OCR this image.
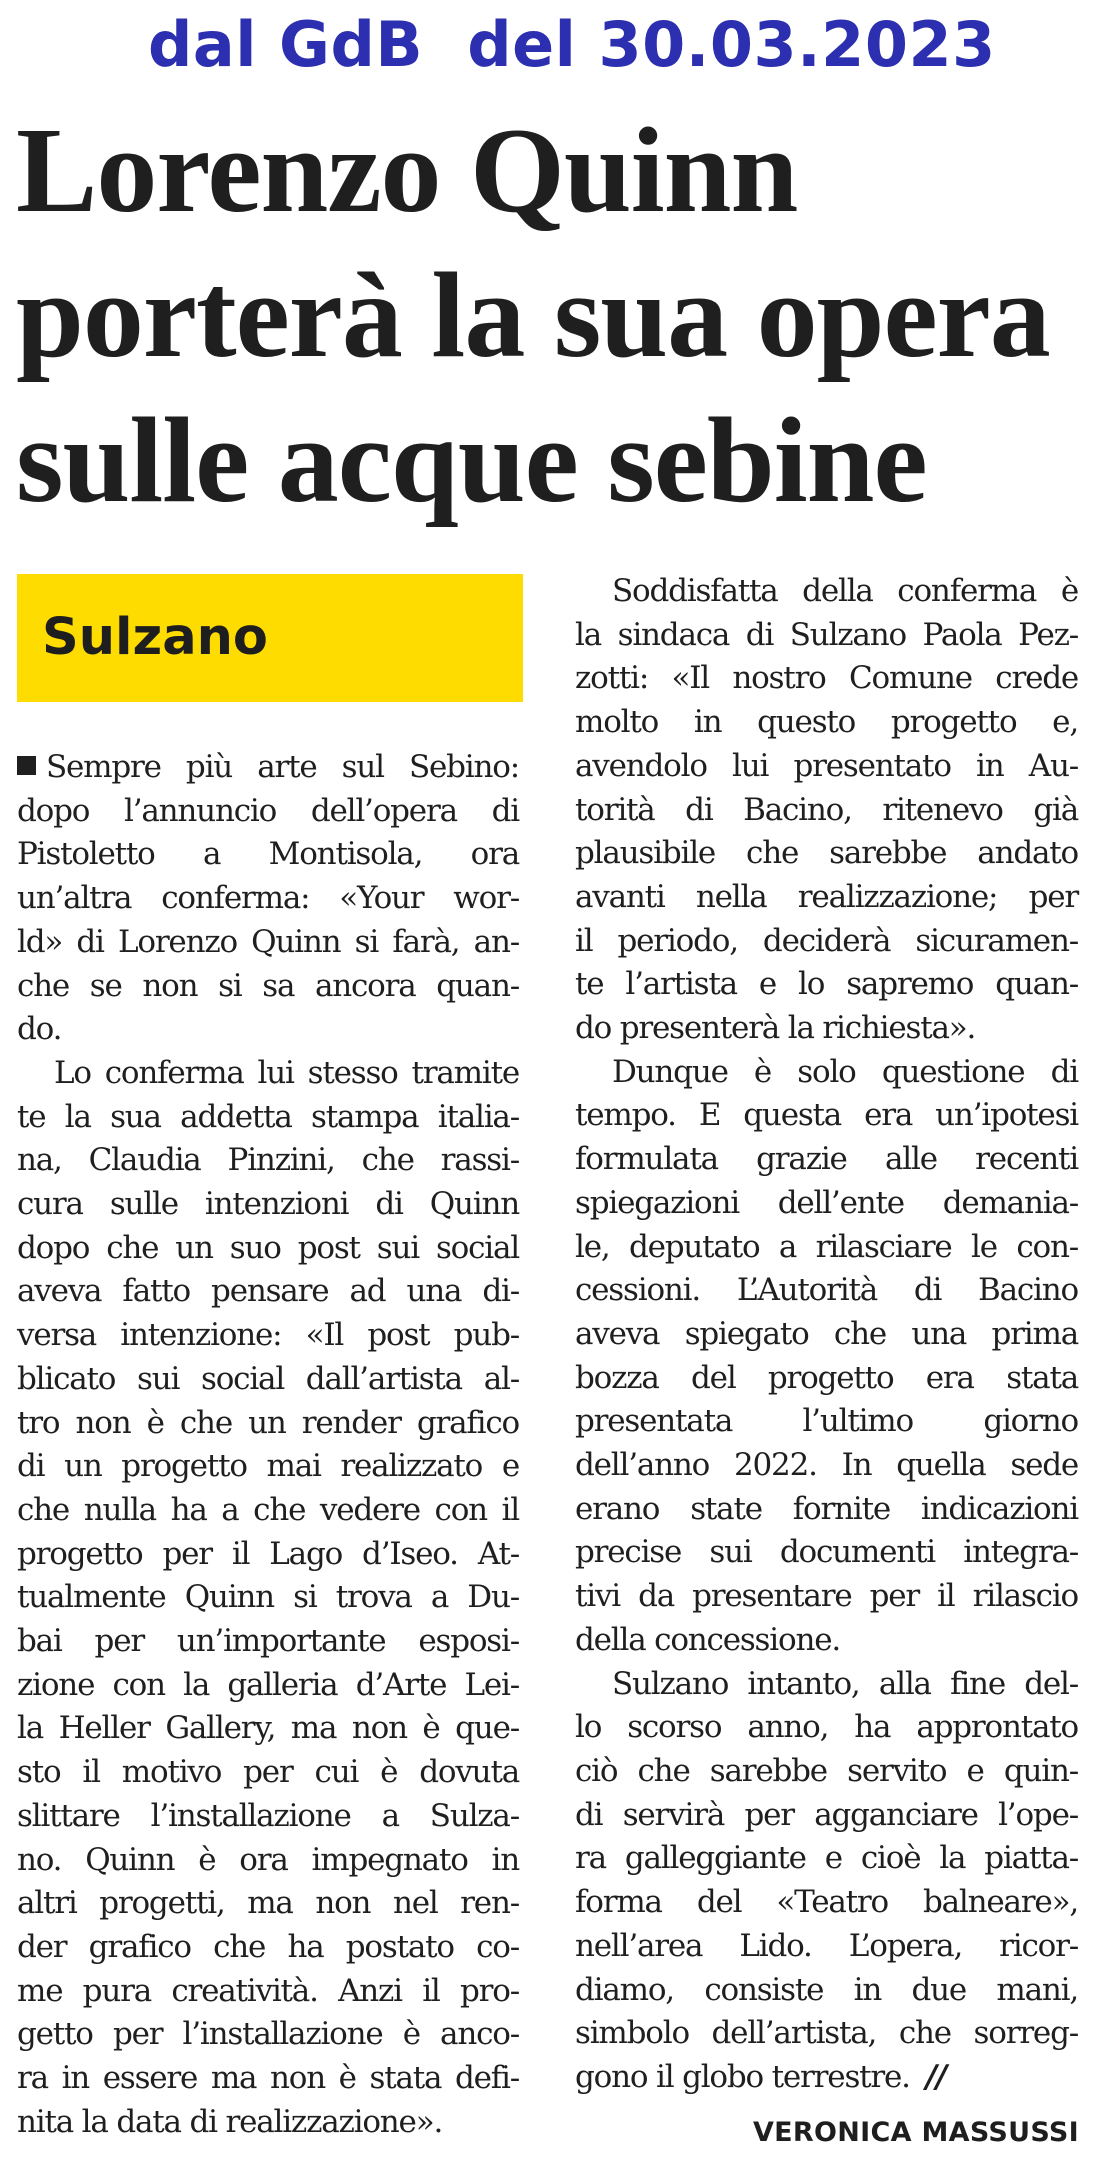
dal GdB  del 30.03.2023
Lorenzo Quinn
porterà la sua opera
sulle acque sebine
Sulzano
Sempre più arte sul Sebino:
dopo l’annuncio dell’opera di
Pistoletto a Montisola, ora
un’altra conferma: «Your wor-
ld» di Lorenzo Quinn si farà, an-
che se non si sa ancora quan-
do.
Lo conferma lui stesso tramite
te la sua addetta stampa italia-
na, Claudia Pinzini, che rassi-
cura sulle intenzioni di Quinn
dopo che un suo post sui social
aveva fatto pensare ad una di-
versa intenzione: «Il post pub-
blicato sui social dall’artista al-
tro non è che un render grafico
di un progetto mai realizzato e
che nulla ha a che vedere con il
progetto per il Lago d’Iseo. At-
tualmente Quinn si trova a Du-
bai per un’importante esposi-
zione con la galleria d’Arte Lei-
la Heller Gallery, ma non è que-
sto il motivo per cui è dovuta
slittare l’installazione a Sulza-
no. Quinn è ora impegnato in
altri progetti, ma non nel ren-
der grafico che ha postato co-
me pura creatività. Anzi il pro-
getto per l’installazione è anco-
ra in essere ma non è stata defi-
nita la data di realizzazione».
Soddisfatta della conferma è
la sindaca di Sulzano Paola Pez-
zotti: «Il nostro Comune crede
molto in questo progetto e,
avendolo lui presentato in Au-
torità di Bacino, ritenevo già
plausibile che sarebbe andato
avanti nella realizzazione; per
il periodo, deciderà sicuramen-
te l’artista e lo sapremo quan-
do presenterà la richiesta».
Dunque è solo questione di
tempo. E questa era un’ipotesi
formulata grazie alle recenti
spiegazioni dell’ente demania-
le, deputato a rilasciare le con-
cessioni. L’Autorità di Bacino
aveva spiegato che una prima
bozza del progetto era stata
presentata l’ultimo giorno
dell’anno 2022. In quella sede
erano state fornite indicazioni
precise sui documenti integra-
tivi da presentare per il rilascio
della concessione.
Sulzano intanto, alla fine del-
lo scorso anno, ha approntato
ciò che sarebbe servito e quin-
di servirà per agganciare l’ope-
ra galleggiante e cioè la piatta-
forma del «Teatro balneare»,
nell’area Lido. L’opera, ricor-
diamo, consiste in due mani,
simbolo dell’artista, che sorreg-
gono il globo terrestre. //
VERONICA MASSUSSI
